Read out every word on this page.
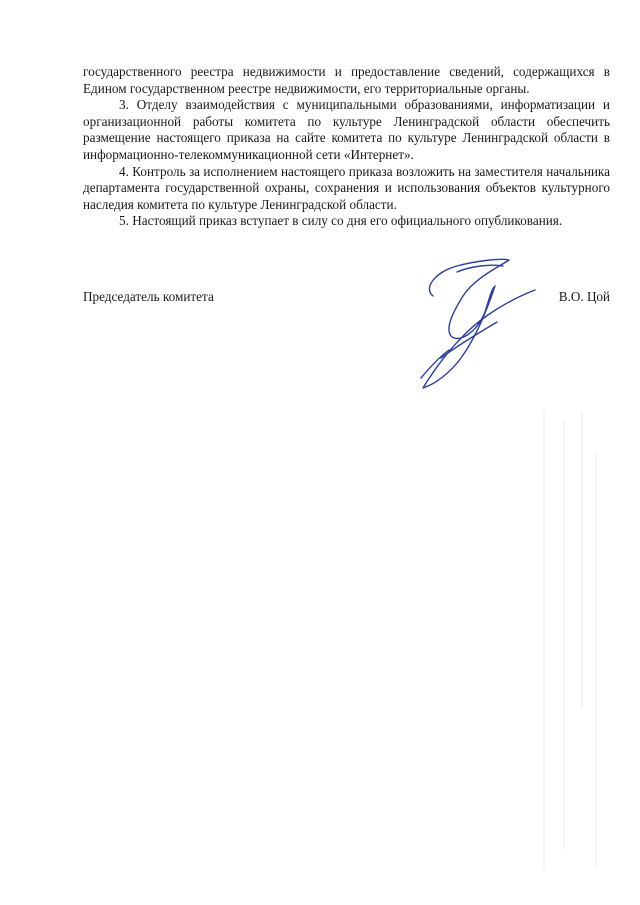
государственного реестра недвижимости и предоставление сведений, содержащихся в Едином государственном реестре недвижимости, его территориальные органы.

3. Отделу взаимодействия с муниципальными образованиями, информатизации и организационной работы комитета по культуре Ленинградской области обеспечить размещение настоящего приказа на сайте комитета по культуре Ленинградской области в информационно-телекоммуникационной сети «Интернет».

4. Контроль за исполнением настоящего приказа возложить на заместителя начальника департамента государственной охраны, сохранения и использования объектов культурного наследия комитета по культуре Ленинградской области.

5. Настоящий приказ вступает в силу со дня его официального опубликования.

Председатель комитета	В.О. Цой
